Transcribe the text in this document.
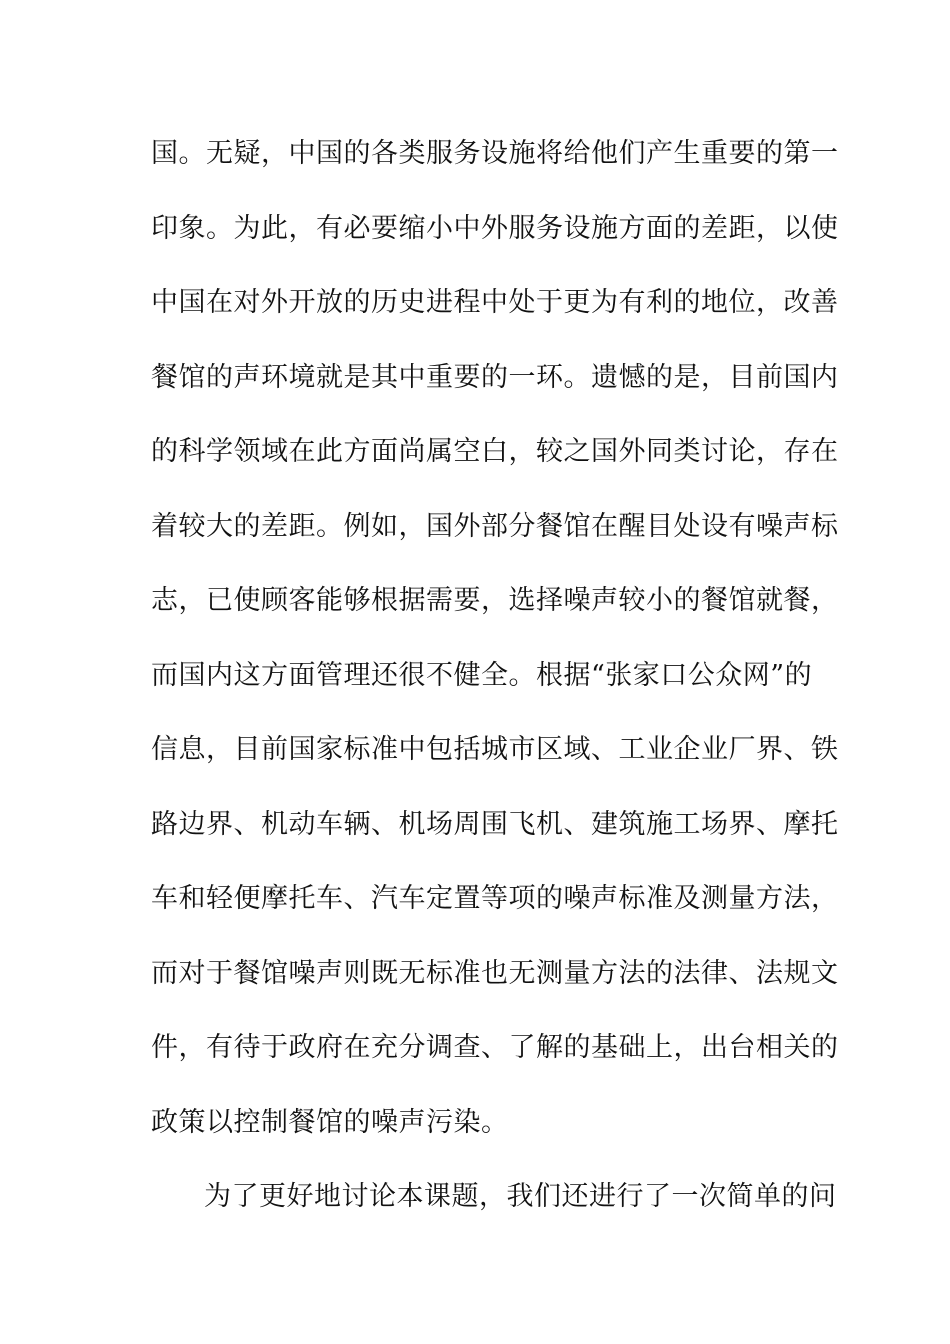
国。无疑，中国的各类服务设施将给他们产生重要的第一
印象。为此，有必要缩小中外服务设施方面的差距，以使
中国在对外开放的历史进程中处于更为有利的地位，改善
餐馆的声环境就是其中重要的一环。遗憾的是，目前国内
的科学领域在此方面尚属空白，较之国外同类讨论，存在
着较大的差距。例如，国外部分餐馆在醒目处设有噪声标
志，已使顾客能够根据需要，选择噪声较小的餐馆就餐，
而国内这方面管理还很不健全。根据“张家口公众网”的
信息，目前国家标准中包括城市区域、工业企业厂界、铁
路边界、机动车辆、机场周围飞机、建筑施工场界、摩托
车和轻便摩托车、汽车定置等项的噪声标准及测量方法，
而对于餐馆噪声则既无标准也无测量方法的法律、法规文
件，有待于政府在充分调查、了解的基础上，出台相关的
政策以控制餐馆的噪声污染。
为了更好地讨论本课题，我们还进行了一次简单的问
